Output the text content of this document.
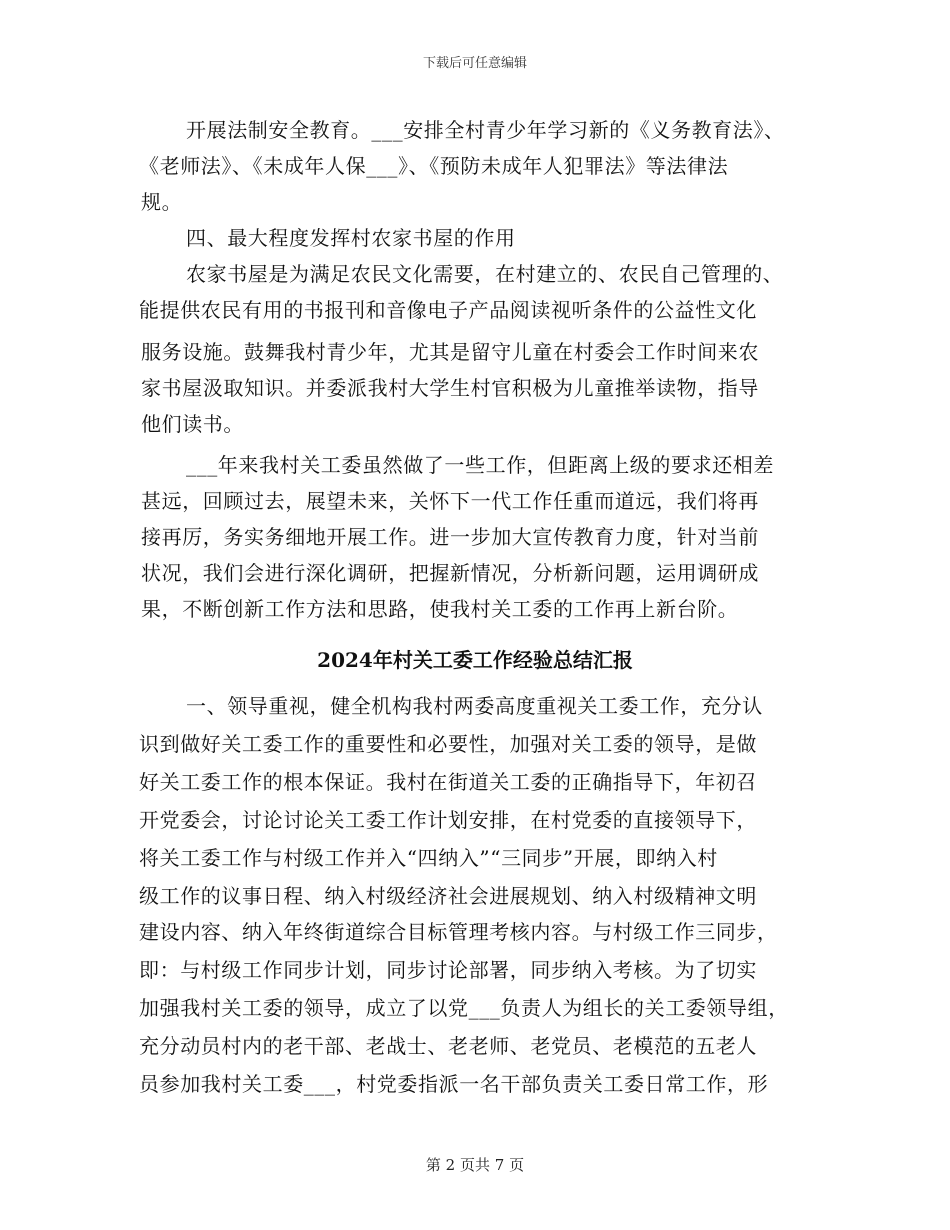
下载后可任意编辑
开展法制安全教育。___安排全村青少年学习新的《义务教育法》、
《老师法》、《未成年人保___》、《预防未成年人犯罪法》等法律法
规。
四、最大程度发挥村农家书屋的作用
农家书屋是为满足农民文化需要，在村建立的、农民自己管理的、
能提供农民有用的书报刊和音像电子产品阅读视听条件的公益性文化
服务设施。鼓舞我村青少年，尤其是留守儿童在村委会工作时间来农
家书屋汲取知识。并委派我村大学生村官积极为儿童推举读物，指导
他们读书。
___年来我村关工委虽然做了一些工作，但距离上级的要求还相差
甚远，回顾过去，展望未来，关怀下一代工作任重而道远，我们将再
接再厉，务实务细地开展工作。进一步加大宣传教育力度，针对当前
状况，我们会进行深化调研，把握新情况，分析新问题，运用调研成
果，不断创新工作方法和思路，使我村关工委的工作再上新台阶。
2024年村关工委工作经验总结汇报
一、领导重视，健全机构我村两委高度重视关工委工作，充分认
识到做好关工委工作的重要性和必要性，加强对关工委的领导，是做
好关工委工作的根本保证。我村在街道关工委的正确指导下，年初召
开党委会，讨论讨论关工委工作计划安排，在村党委的直接领导下，
将关工委工作与村级工作并入“四纳入”“三同步”开展，即纳入村
级工作的议事日程、纳入村级经济社会进展规划、纳入村级精神文明
建设内容、纳入年终街道综合目标管理考核内容。与村级工作三同步，
即：与村级工作同步计划，同步讨论部署，同步纳入考核。为了切实
加强我村关工委的领导，成立了以党___负责人为组长的关工委领导组，
充分动员村内的老干部、老战士、老老师、老党员、老模范的五老人
员参加我村关工委___，村党委指派一名干部负责关工委日常工作，形
第 2 页共 7 页
